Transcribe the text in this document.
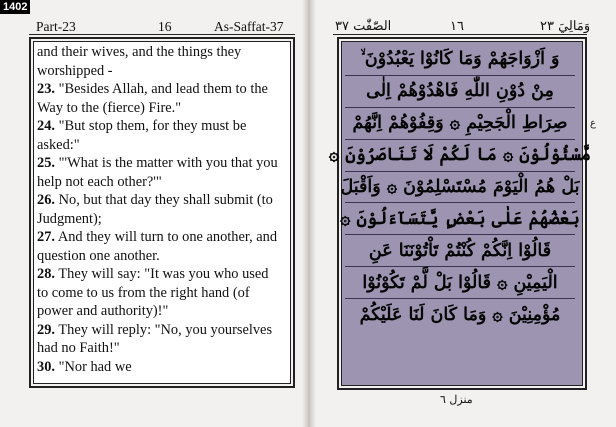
1402
Part-23	16	As-Saffat-37

and their wives, and the things they worshipped -

23. "Besides Allah, and lead them to the Way to the (fierce) Fire."

24. "But stop them, for they must be asked:"

25. "'What is the matter with you that you help not each other?'"

26. No, but that day they shall submit (to Judgment);

27. And they will turn to one another, and question one another.

28. They will say: "It was you who used to come to us from the right hand (of power and authority)!"

29. They will reply: "No, you yourselves had no Faith!"

30. "Nor had we

الصّٰفّٰت ٣٧	١٦	وَمَالِيَ ٢٣
وَ اَزْوَاجَهُمْ وَمَا كَانُوْا يَعْبُدُوْنَ ۙ
مِنْ دُوْنِ اللّٰهِ فَاهْدُوْهُمْ اِلٰى
صِرَاطِ الْجَحِيْمِ ۞ وَقِفُوْهُمْ اِنَّهُمْ
مَّسْئُوْلُوْنَ ۞ مَا لَكُمْ لَا تَنَاصَرُوْنَ ۞
بَلْ هُمُ الْيَوْمَ مُسْتَسْلِمُوْنَ ۞ وَاَقْبَلَ
بَعْضُهُمْ عَلٰى بَعْضٍ يَّتَسَآءَلُوْنَ ۞
قَالُوْا اِنَّكُمْ كُنْتُمْ تَاْتُوْنَنَا عَنِ
الْيَمِيْنِ ۞ قَالُوْا بَلْ لَّمْ تَكُوْنُوْا
مُؤْمِنِيْنَ ۞ وَمَا كَانَ لَنَا عَلَيْكُمْ
ع
منزل ٦
